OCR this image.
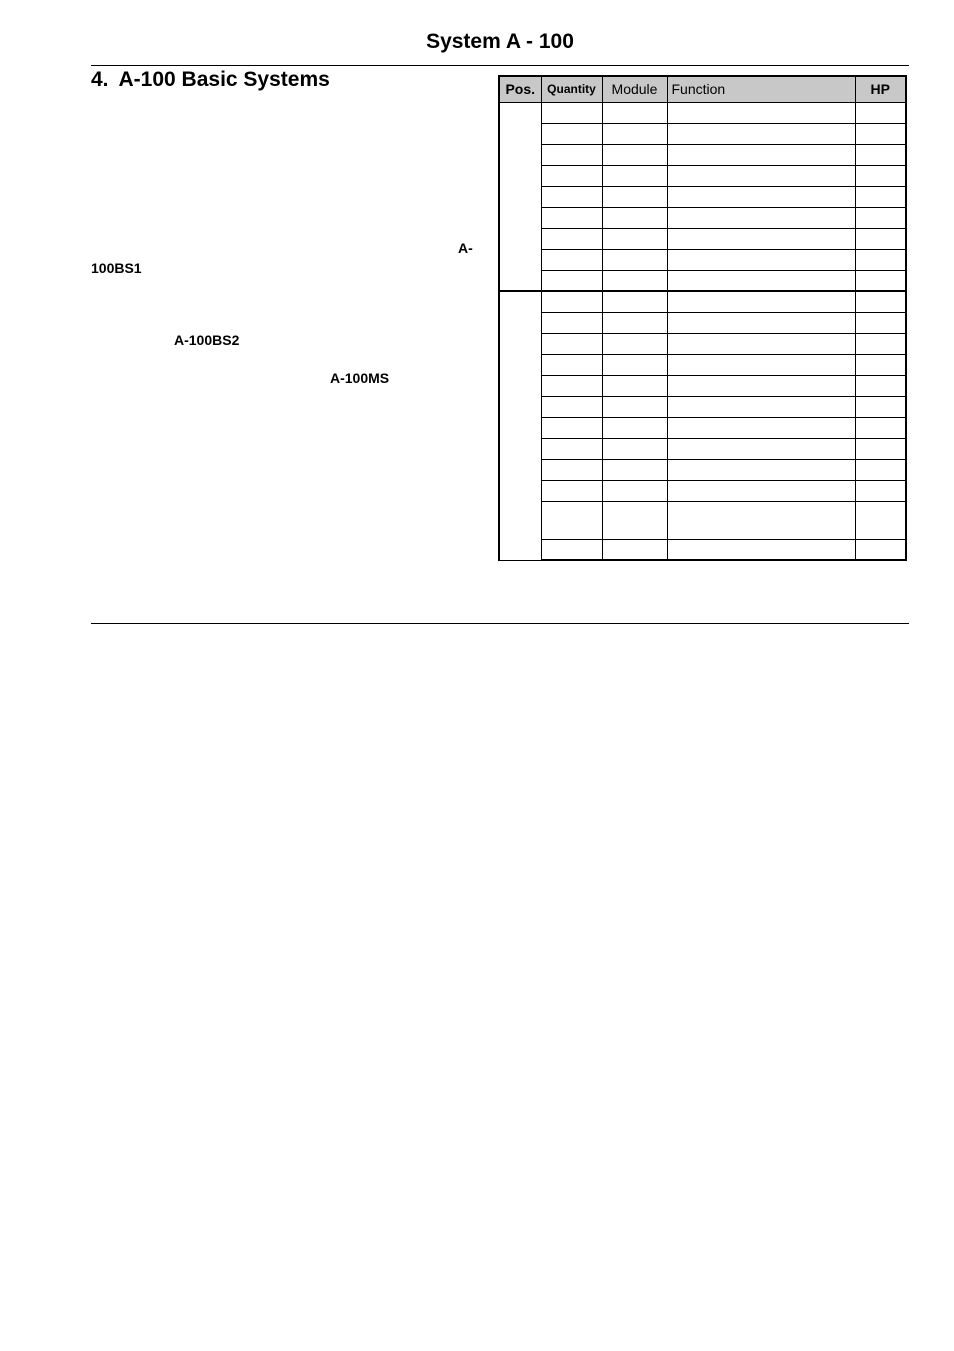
System A - 100
4. A-100 Basic Systems
A-
100BS1
A-100BS2
A-100MS
Pos.	Quantity	Module	Function	HP
